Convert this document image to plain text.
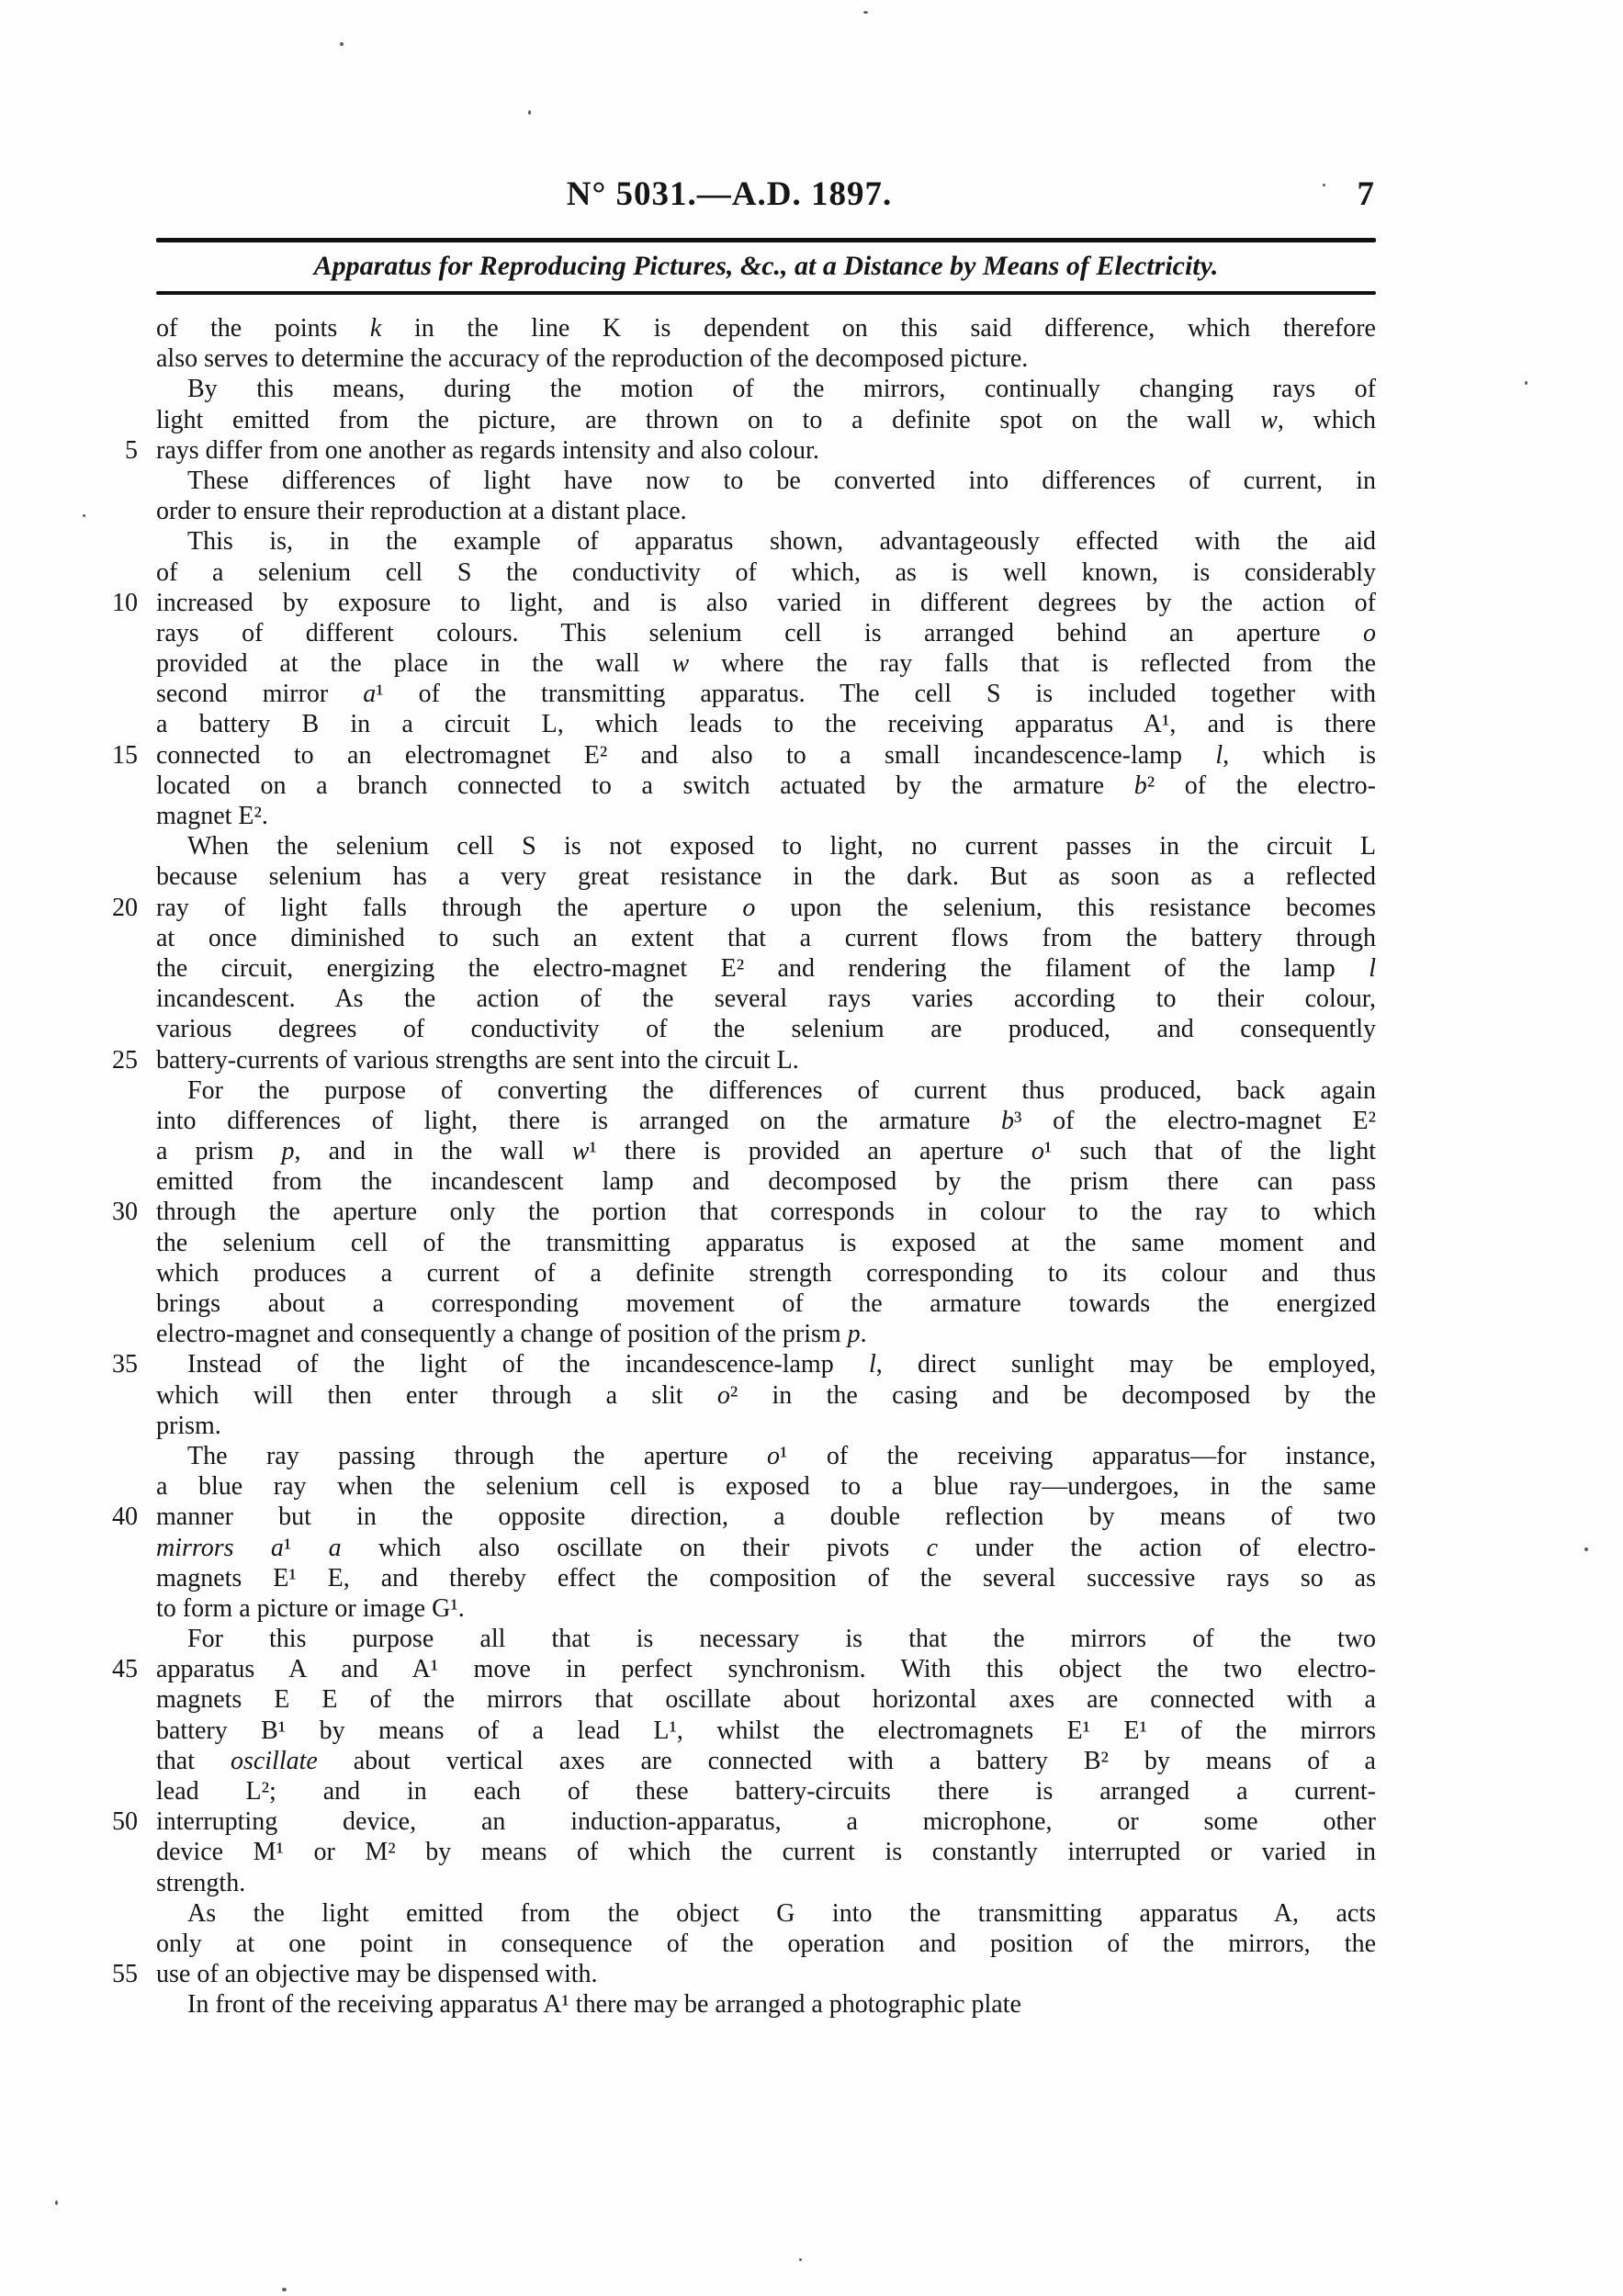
N° 5031.—A.D. 1897.	7
Apparatus for Reproducing Pictures, &c., at a Distance by Means of Electricity.
of the points k in the line K is dependent on this said difference, which therefore
also serves to determine the accuracy of the reproduction of the decomposed picture.
By this means, during the motion of the mirrors, continually changing rays of
light emitted from the picture, are thrown on to a definite spot on the wall w, which
5 rays differ from one another as regards intensity and also colour.
These differences of light have now to be converted into differences of current, in
order to ensure their reproduction at a distant place.
This is, in the example of apparatus shown, advantageously effected with the aid
of a selenium cell S the conductivity of which, as is well known, is considerably
10 increased by exposure to light, and is also varied in different degrees by the action of
rays of different colours. This selenium cell is arranged behind an aperture o
provided at the place in the wall w where the ray falls that is reflected from the
second mirror a¹ of the transmitting apparatus. The cell S is included together with
a battery B in a circuit L, which leads to the receiving apparatus A¹, and is there
15 connected to an electromagnet E² and also to a small incandescence-lamp l, which is
located on a branch connected to a switch actuated by the armature b² of the electro-
magnet E².
When the selenium cell S is not exposed to light, no current passes in the circuit L
because selenium has a very great resistance in the dark. But as soon as a reflected
20 ray of light falls through the aperture o upon the selenium, this resistance becomes
at once diminished to such an extent that a current flows from the battery through
the circuit, energizing the electro-magnet E² and rendering the filament of the lamp l
incandescent. As the action of the several rays varies according to their colour,
various degrees of conductivity of the selenium are produced, and consequently
25 battery-currents of various strengths are sent into the circuit L.
For the purpose of converting the differences of current thus produced, back again
into differences of light, there is arranged on the armature b³ of the electro-magnet E²
a prism p, and in the wall w¹ there is provided an aperture o¹ such that of the light
emitted from the incandescent lamp and decomposed by the prism there can pass
30 through the aperture only the portion that corresponds in colour to the ray to which
the selenium cell of the transmitting apparatus is exposed at the same moment and
which produces a current of a definite strength corresponding to its colour and thus
brings about a corresponding movement of the armature towards the energized
electro-magnet and consequently a change of position of the prism p.
35 Instead of the light of the incandescence-lamp l, direct sunlight may be employed,
which will then enter through a slit o² in the casing and be decomposed by the
prism.
The ray passing through the aperture o¹ of the receiving apparatus—for instance,
a blue ray when the selenium cell is exposed to a blue ray—undergoes, in the same
40 manner but in the opposite direction, a double reflection by means of two
mirrors a¹ a which also oscillate on their pivots c under the action of electro-
magnets E¹ E, and thereby effect the composition of the several successive rays so as
to form a picture or image G¹.
For this purpose all that is necessary is that the mirrors of the two
45 apparatus A and A¹ move in perfect synchronism. With this object the two electro-
magnets E E of the mirrors that oscillate about horizontal axes are connected with a
battery B¹ by means of a lead L¹, whilst the electromagnets E¹ E¹ of the mirrors
that oscillate about vertical axes are connected with a battery B² by means of a
lead L²; and in each of these battery-circuits there is arranged a current-
50 interrupting device, an induction-apparatus, a microphone, or some other
device M¹ or M² by means of which the current is constantly interrupted or varied in
strength.
As the light emitted from the object G into the transmitting apparatus A, acts
only at one point in consequence of the operation and position of the mirrors, the
55 use of an objective may be dispensed with.
In front of the receiving apparatus A¹ there may be arranged a photographic plate
